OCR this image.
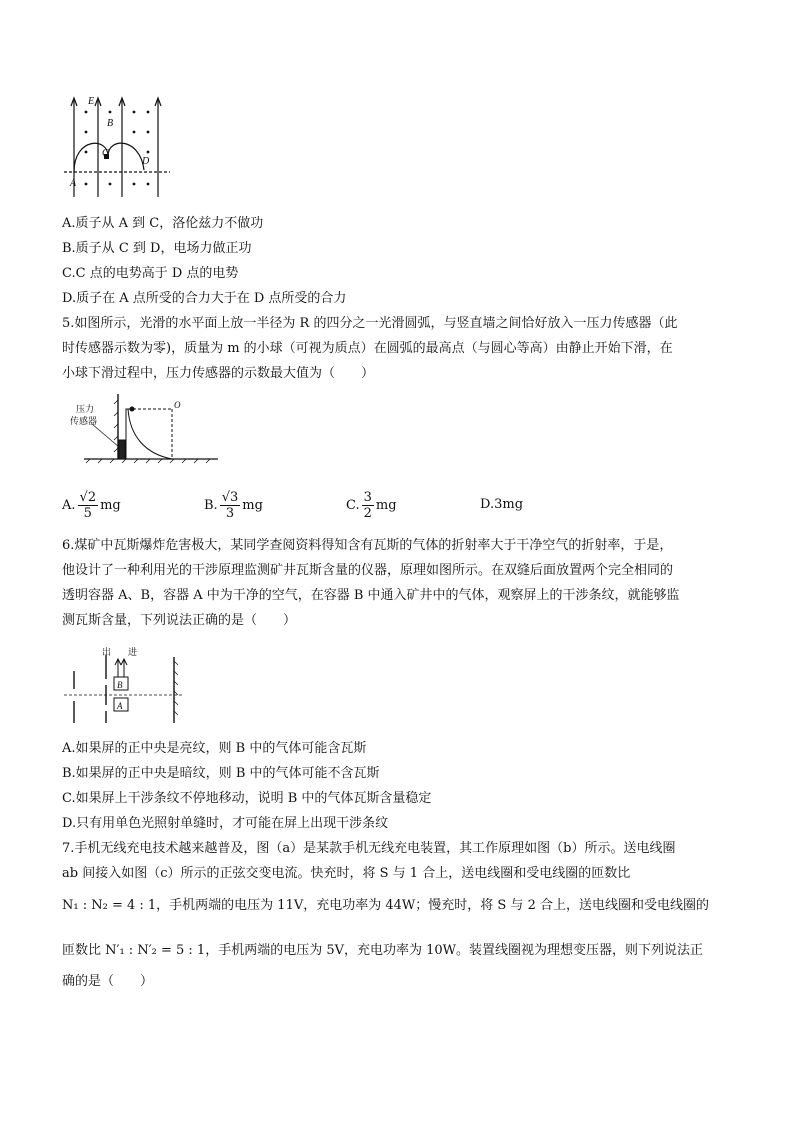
E
B
C
D
A
A.质子从 A 到 C，洛伦兹力不做功
B.质子从 C 到 D，电场力做正功
C.C 点的电势高于 D 点的电势
D.质子在 A 点所受的合力大于在 D 点所受的合力
5.如图所示，光滑的水平面上放一半径为 R 的四分之一光滑圆弧，与竖直墙之间恰好放入一压力传感器（此
时传感器示数为零)，质量为 m 的小球（可视为质点）在圆弧的最高点（与圆心等高）由静止开始下滑，在
小球下滑过程中，压力传感器的示数最大值为（　　）
压力
传感器
O
A. $\frac{√2}{5}$ mg	B. $\frac{√3}{3}$ mg	C. $\frac{3}{2}$ mg	D.3mg
6.煤矿中瓦斯爆炸危害极大，某同学查阅资料得知含有瓦斯的气体的折射率大于干净空气的折射率，于是，
他设计了一种利用光的干涉原理监测矿井瓦斯含量的仪器，原理如图所示。在双缝后面放置两个完全相同的
透明容器 A、B，容器 A 中为干净的空气，在容器 B 中通入矿井中的气体，观察屏上的干涉条纹，就能够监
测瓦斯含量，下列说法正确的是（　　）
出 进
B
A
A.如果屏的正中央是亮纹，则 B 中的气体可能含瓦斯
B.如果屏的正中央是暗纹，则 B 中的气体可能不含瓦斯
C.如果屏上干涉条纹不停地移动，说明 B 中的气体瓦斯含量稳定
D.只有用单色光照射单缝时，才可能在屏上出现干涉条纹
7.手机无线充电技术越来越普及，图（a）是某款手机无线充电装置，其工作原理如图（b）所示。送电线圈
ab 间接入如图（c）所示的正弦交变电流。快充时，将 S 与 1 合上，送电线圈和受电线圈的匝数比
N₁ : N₂ = 4 : 1，手机两端的电压为 11V，充电功率为 44W；慢充时，将 S 与 2 合上，送电线圈和受电线圈的
匝数比 N′₁ : N′₂ = 5 : 1，手机两端的电压为 5V，充电功率为 10W。装置线圈视为理想变压器，则下列说法正
确的是（　　）
